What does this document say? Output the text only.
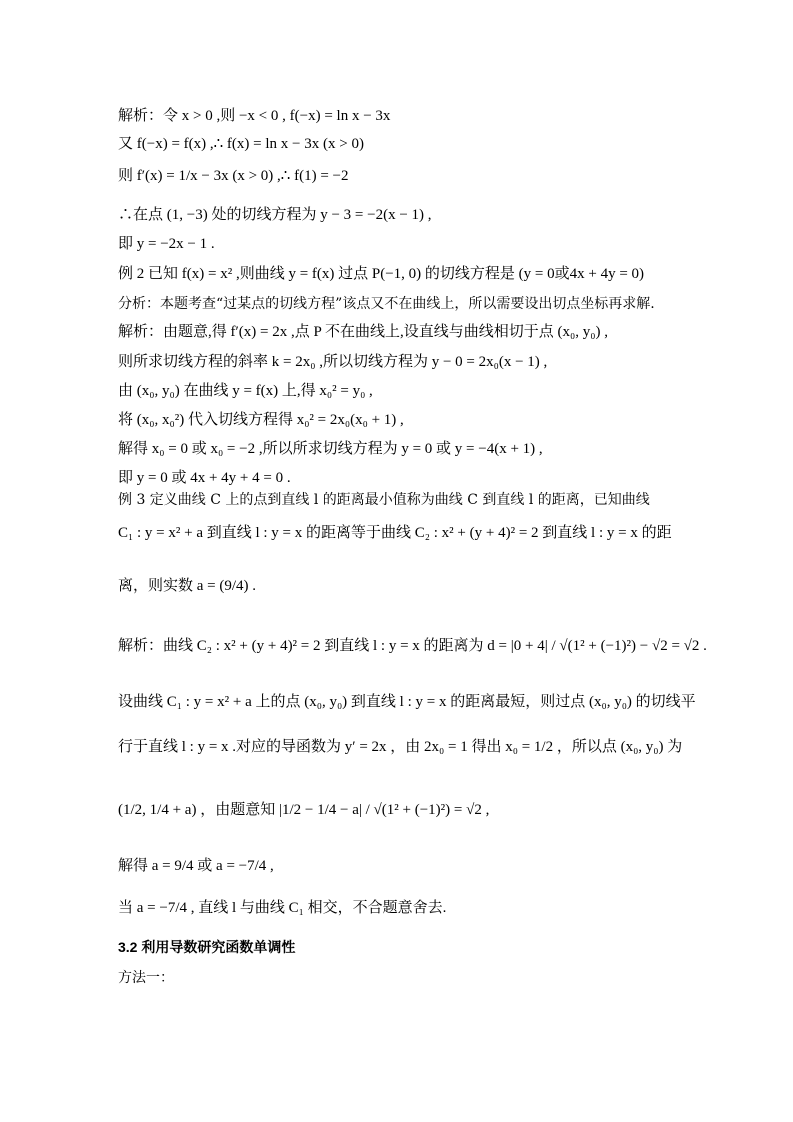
解析：令 x > 0 ,则 −x < 0 , f(−x) = ln x − 3x
又 f(−x) = f(x) ,∴ f(x) = ln x − 3x (x > 0)
则 f′(x) = 1/x − 3x (x > 0) ,∴ f(1) = −2
∴在点 (1, −3) 处的切线方程为 y − 3 = −2(x − 1) ,
即 y = −2x − 1 .
例 2 已知 f(x) = x² ,则曲线 y = f(x) 过点 P(−1, 0) 的切线方程是 (y = 0或4x + 4y = 0)
分析：本题考查“过某点的切线方程”该点又不在曲线上，所以需要设出切点坐标再求解.
解析：由题意,得 f′(x) = 2x ,点 P 不在曲线上,设直线与曲线相切于点 (x₀, y₀) ,
则所求切线方程的斜率 k = 2x₀ ,所以切线方程为 y − 0 = 2x₀(x − 1) ,
由 (x₀, y₀) 在曲线 y = f(x) 上,得 x₀² = y₀ ,
将 (x₀, x₀²) 代入切线方程得 x₀² = 2x₀(x₀ + 1) ,
解得 x₀ = 0 或 x₀ = −2 ,所以所求切线方程为 y = 0 或 y = −4(x + 1) ,
即 y = 0 或 4x + 4y + 4 = 0 .
例 3 定义曲线 C 上的点到直线 l 的距离最小值称为曲线 C 到直线 l 的距离，已知曲线
C₁ : y = x² + a 到直线 l : y = x 的距离等于曲线 C₂ : x² + (y + 4)² = 2 到直线 l : y = x 的距
离，则实数 a = (9/4) .
解析：曲线 C₂ : x² + (y + 4)² = 2 到直线 l : y = x 的距离为 d = |0 + 4| / √(1² + (−1)²) − √2 = √2 .
设曲线 C₁ : y = x² + a 上的点 (x₀, y₀) 到直线 l : y = x 的距离最短，则过点 (x₀, y₀) 的切线平
行于直线 l : y = x .对应的导函数为 y′ = 2x ，由 2x₀ = 1 得出 x₀ = 1/2 ，所以点 (x₀, y₀) 为
(1/2, 1/4 + a) ，由题意知 |1/2 − 1/4 − a| / √(1² + (−1)²) = √2 ,
解得 a = 9/4 或 a = −7/4 ,
当 a = −7/4 , 直线 l 与曲线 C₁ 相交，不合题意舍去.
3.2 利用导数研究函数单调性
方法一：
